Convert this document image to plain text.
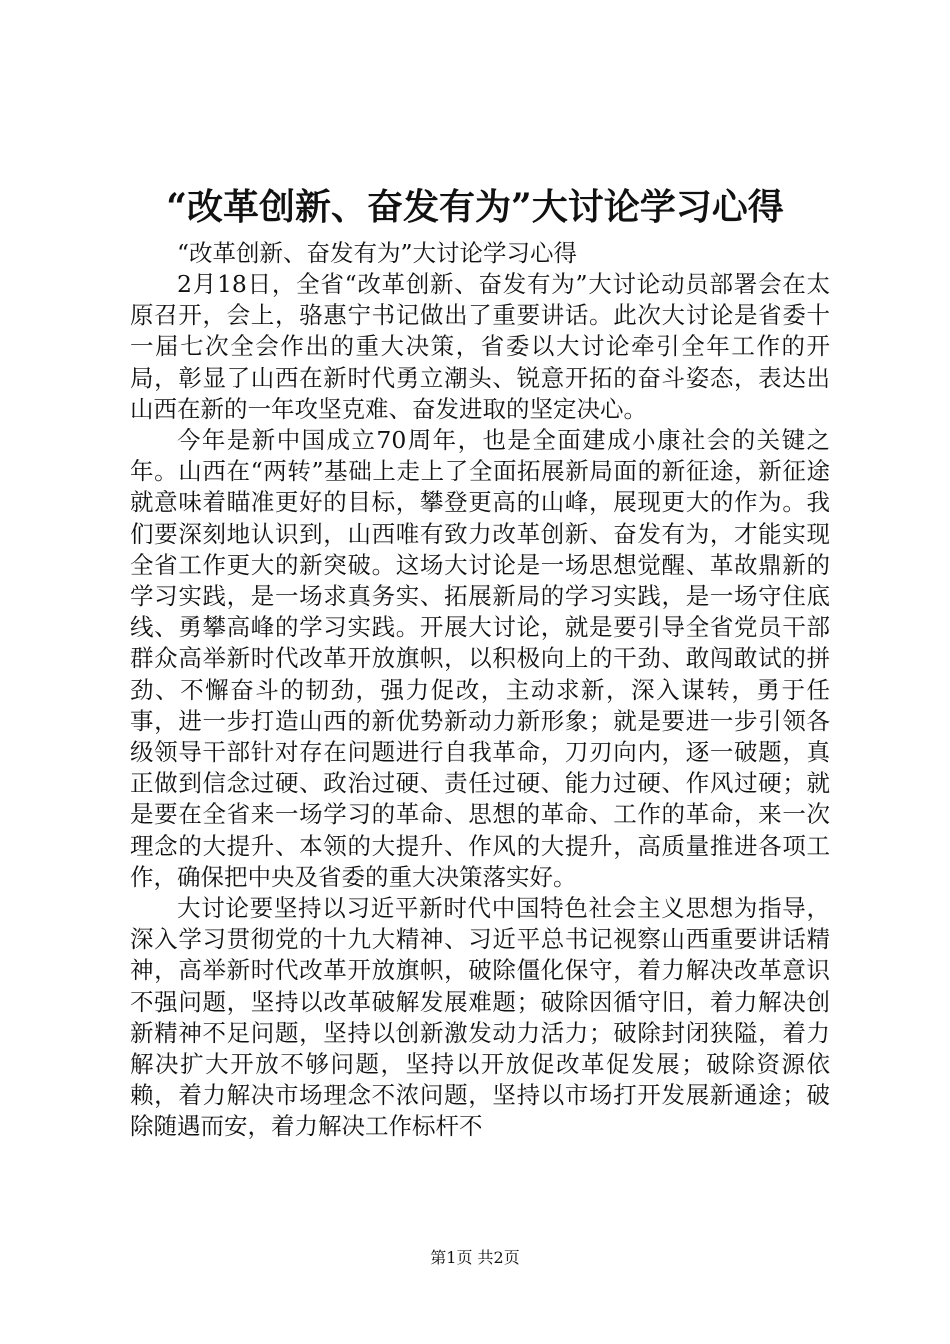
“改革创新、奋发有为”大讨论学习心得

“改革创新、奋发有为”大讨论学习心得

2月18日，全省“改革创新、奋发有为”大讨论动员部署会在太原召开，会上，骆惠宁书记做出了重要讲话。此次大讨论是省委十一届七次全会作出的重大决策，省委以大讨论牵引全年工作的开局，彰显了山西在新时代勇立潮头、锐意开拓的奋斗姿态，表达出山西在新的一年攻坚克难、奋发进取的坚定决心。

今年是新中国成立70周年，也是全面建成小康社会的关键之年。山西在“两转”基础上走上了全面拓展新局面的新征途，新征途就意味着瞄准更好的目标，攀登更高的山峰，展现更大的作为。我们要深刻地认识到，山西唯有致力改革创新、奋发有为，才能实现全省工作更大的新突破。这场大讨论是一场思想觉醒、革故鼎新的学习实践，是一场求真务实、拓展新局的学习实践，是一场守住底线、勇攀高峰的学习实践。开展大讨论，就是要引导全省党员干部群众高举新时代改革开放旗帜，以积极向上的干劲、敢闯敢试的拼劲、不懈奋斗的韧劲，强力促改，主动求新，深入谋转，勇于任事，进一步打造山西的新优势新动力新形象；就是要进一步引领各级领导干部针对存在问题进行自我革命，刀刃向内，逐一破题，真正做到信念过硬、政治过硬、责任过硬、能力过硬、作风过硬；就是要在全省来一场学习的革命、思想的革命、工作的革命，来一次理念的大提升、本领的大提升、作风的大提升，高质量推进各项工作，确保把中央及省委的重大决策落实好。

大讨论要坚持以习近平新时代中国特色社会主义思想为指导，深入学习贯彻党的十九大精神、习近平总书记视察山西重要讲话精神，高举新时代改革开放旗帜，破除僵化保守，着力解决改革意识不强问题，坚持以改革破解发展难题；破除因循守旧，着力解决创新精神不足问题，坚持以创新激发动力活力；破除封闭狭隘，着力解决扩大开放不够问题，坚持以开放促改革促发展；破除资源依赖，着力解决市场理念不浓问题，坚持以市场打开发展新通途；破除随遇而安，着力解决工作标杆不

第1页 共2页
